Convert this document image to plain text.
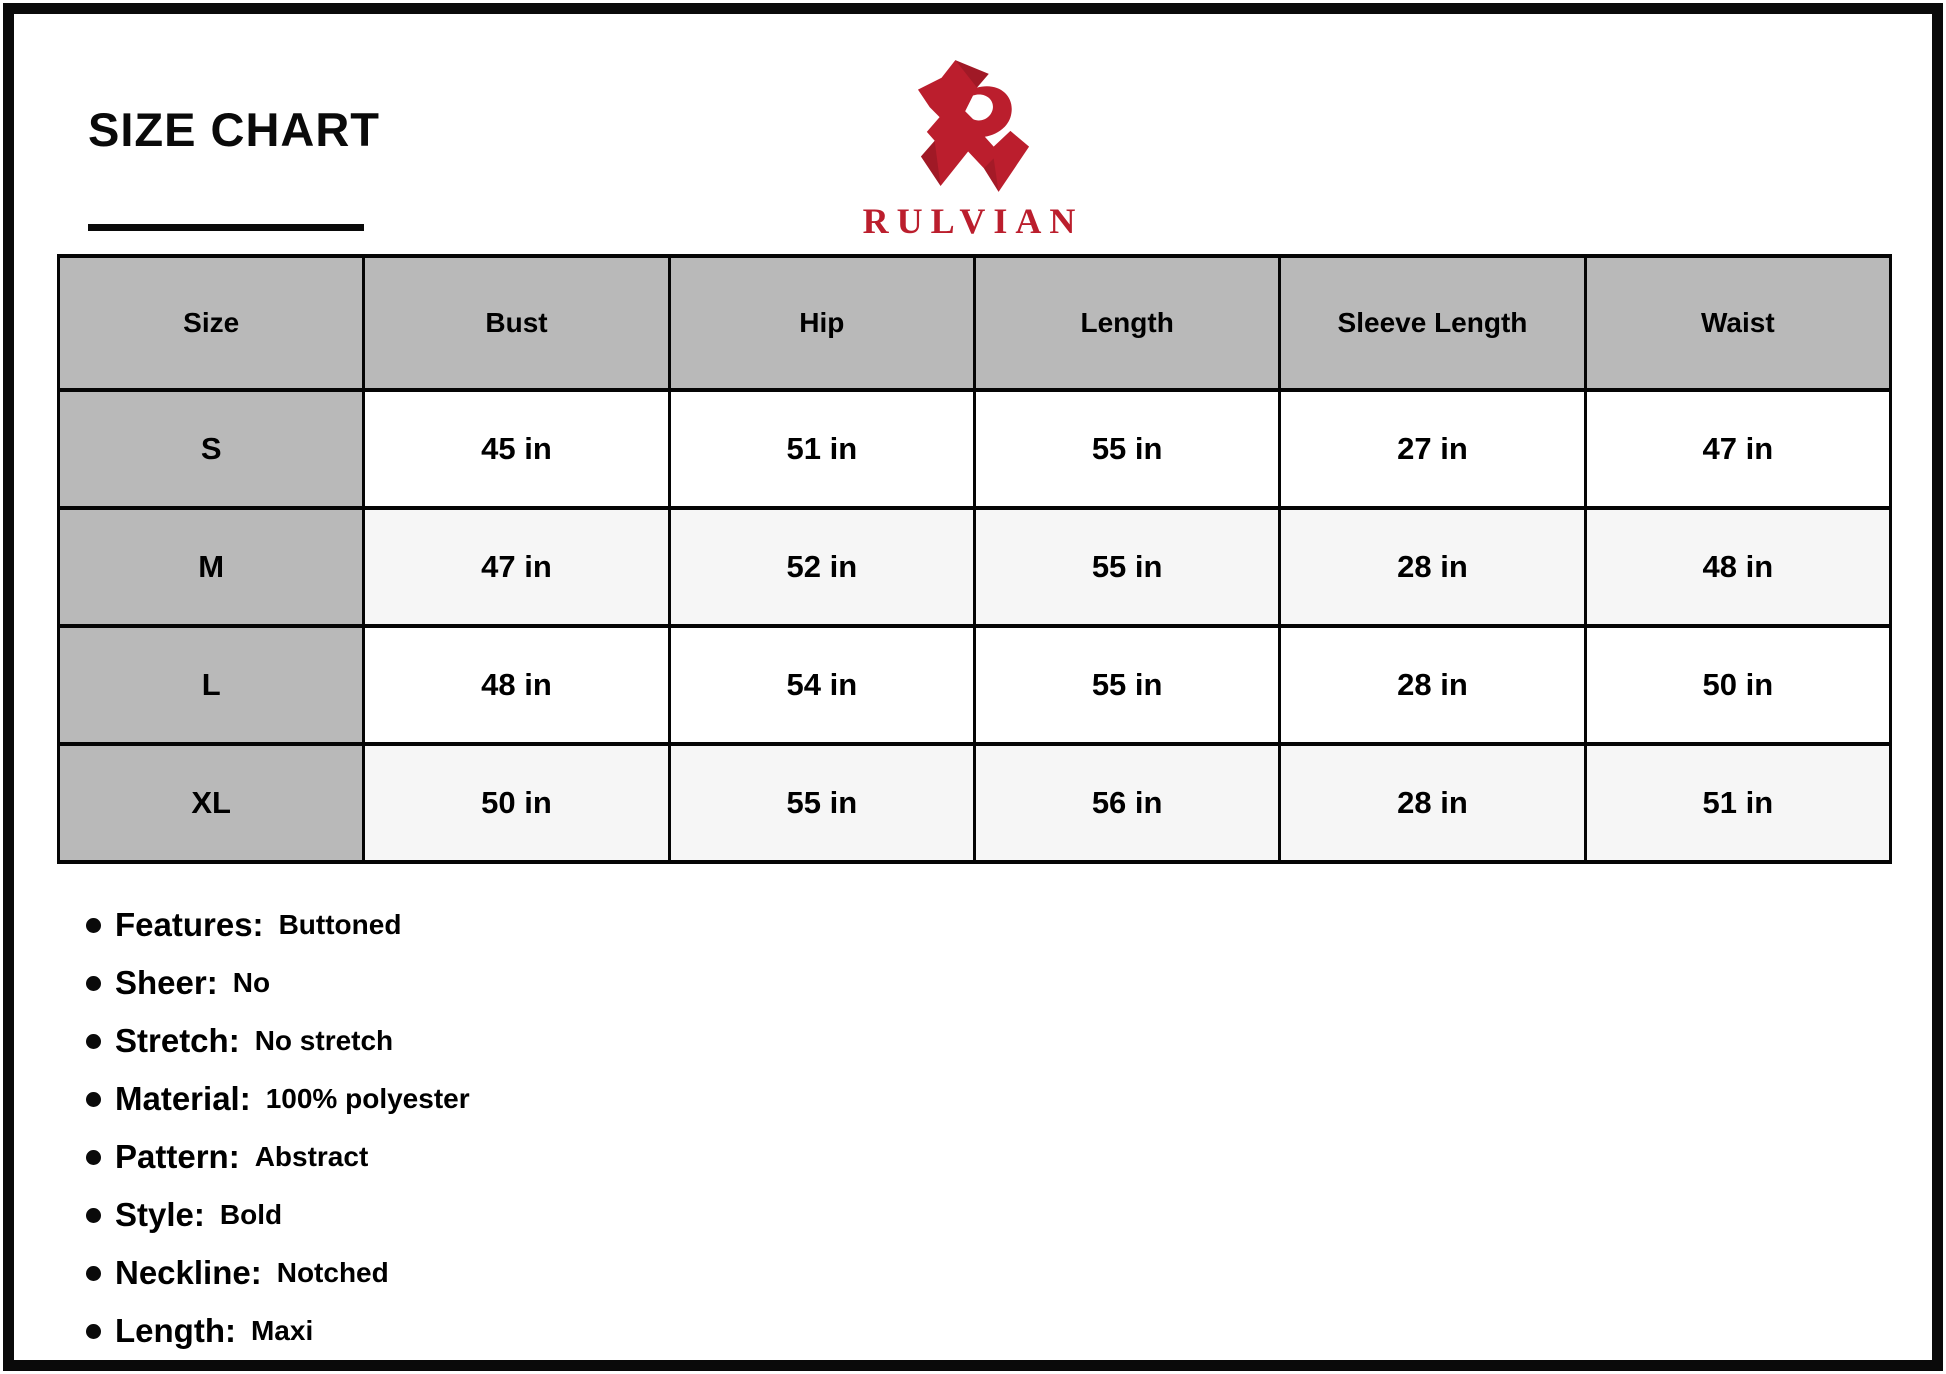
SIZE CHART
RULVIAN
Size	Bust	Hip	Length	Sleeve Length	Waist
S	45 in	51 in	55 in	27 in	47 in
M	47 in	52 in	55 in	28 in	48 in
L	48 in	54 in	55 in	28 in	50 in
XL	50 in	55 in	56 in	28 in	51 in
Features: Buttoned
Sheer: No
Stretch: No stretch
Material: 100% polyester
Pattern: Abstract
Style: Bold
Neckline: Notched
Length: Maxi
